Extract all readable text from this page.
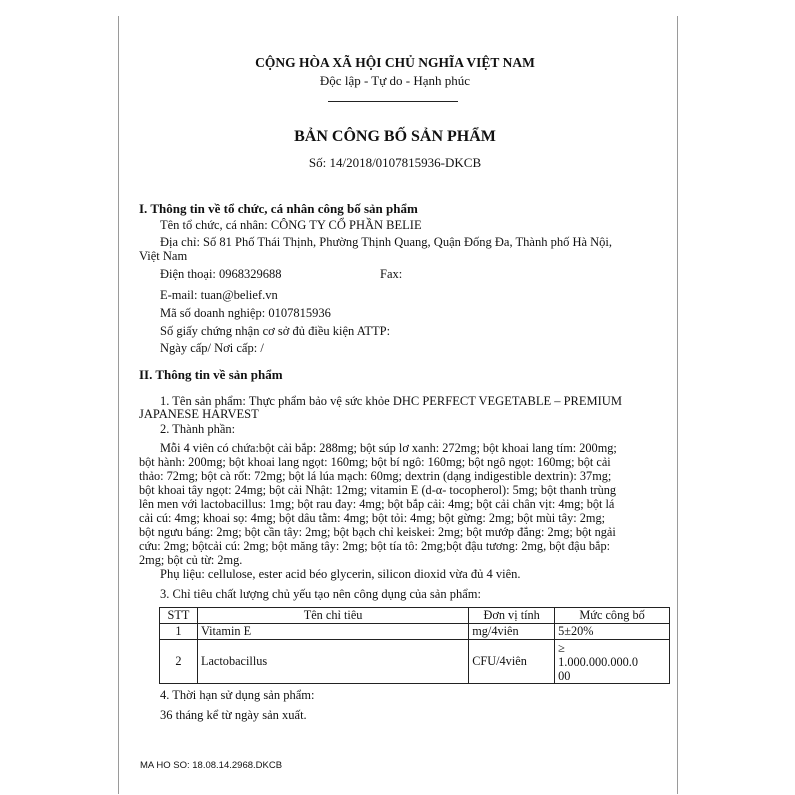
CỘNG HÒA XÃ HỘI CHỦ NGHĨA VIỆT NAM
Độc lập - Tự do - Hạnh phúc
BẢN CÔNG BỐ SẢN PHẨM
Số: 14/2018/0107815936-DKCB
I. Thông tin về tổ chức, cá nhân công bố sản phẩm
Tên tổ chức, cá nhân: CÔNG TY CỔ PHẦN BELIE
Địa chỉ: Số 81 Phố Thái Thịnh, Phường Thịnh Quang, Quận Đống Đa, Thành phố Hà Nội,
Việt Nam
Điện thoại: 0968329688	Fax:
E-mail: tuan@belief.vn
Mã số doanh nghiệp: 0107815936
Số giấy chứng nhận cơ sở đủ điều kiện ATTP:
Ngày cấp/ Nơi cấp: /
II. Thông tin về sản phẩm
1. Tên sản phẩm: Thực phẩm bảo vệ sức khỏe DHC PERFECT VEGETABLE – PREMIUM
JAPANESE HARVEST
2. Thành phần:
Mỗi 4 viên có chứa:bột cải bắp: 288mg; bột súp lơ xanh: 272mg; bột khoai lang tím: 200mg;
bột hành: 200mg; bột khoai lang ngọt: 160mg; bột bí ngô: 160mg; bột ngô ngọt: 160mg; bột cải
thảo: 72mg; bột cà rốt: 72mg; bột lá lúa mạch: 60mg; dextrin (dạng indigestible dextrin): 37mg;
bột khoai tây ngọt: 24mg; bột cải Nhật: 12mg; vitamin E (d-α- tocopherol): 5mg; bột thanh trùng
lên men với lactobacillus: 1mg; bột rau đay: 4mg; bột bắp cải: 4mg; bột cải chân vịt: 4mg; bột lá
cải cú: 4mg; khoai sọ: 4mg; bột dâu tằm: 4mg; bột tỏi: 4mg; bột gừng: 2mg; bột mùi tây: 2mg;
bột ngưu báng: 2mg; bột cần tây: 2mg; bột bạch chỉ keiskei: 2mg; bột mướp đắng: 2mg; bột ngải
cứu: 2mg; bộtcải cú: 2mg; bột măng tây: 2mg; bột tía tô: 2mg;bột đậu tương: 2mg, bột đậu bắp:
2mg; bột củ từ: 2mg.
Phụ liệu: cellulose, ester acid béo glycerin, silicon dioxid vừa đủ 4 viên.
3. Chỉ tiêu chất lượng chủ yếu tạo nên công dụng của sản phẩm:
STT	Tên chỉ tiêu	Đơn vị tính	Mức công bố
1	Vitamin E	mg/4viên	5±20%
2	Lactobacillus	CFU/4viên	≥
1.000.000.000.0
00
4. Thời hạn sử dụng sản phẩm:
36 tháng kể từ ngày sản xuất.
MA HO SO: 18.08.14.2968.DKCB
